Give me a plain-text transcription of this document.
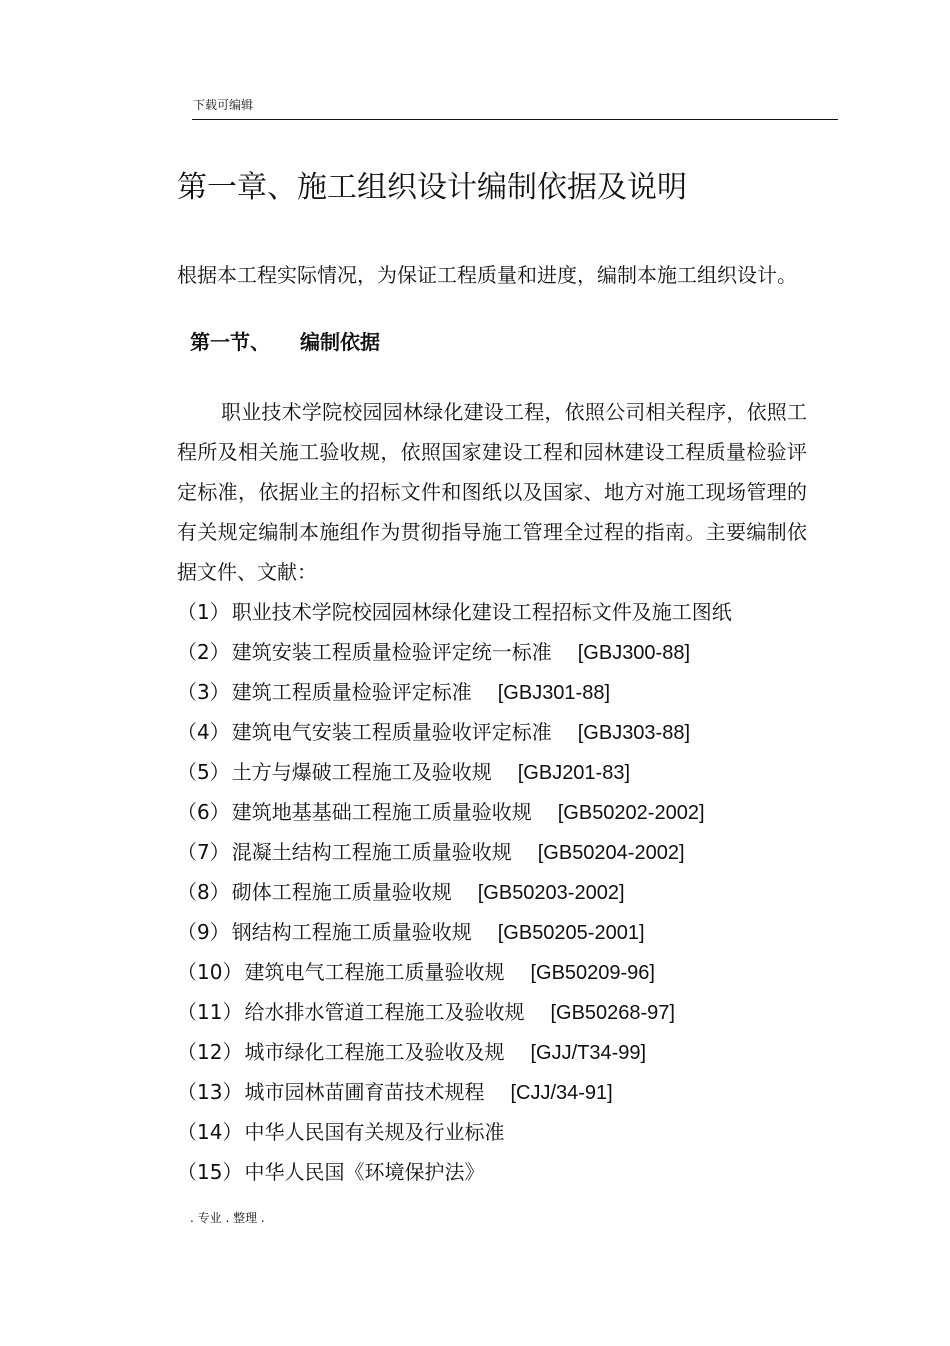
下载可编辑
第一章、施工组织设计编制依据及说明

根据本工程实际情况，为保证工程质量和进度，编制本施工组织设计。

第一节、 编制依据

职业技术学院校园园林绿化建设工程，依照公司相关程序，依照工程所及相关施工验收规，依照国家建设工程和园林建设工程质量检验评定标准，依据业主的招标文件和图纸以及国家、地方对施工现场管理的有关规定编制本施组作为贯彻指导施工管理全过程的指南。主要编制依据文件、文献：

（1） 职业技术学院校园园林绿化建设工程招标文件及施工图纸
（2） 建筑安装工程质量检验评定统一标准 [GBJ300-88]
（3） 建筑工程质量检验评定标准 [GBJ301-88]
（4） 建筑电气安装工程质量验收评定标准 [GBJ303-88]
（5） 土方与爆破工程施工及验收规 [GBJ201-83]
（6） 建筑地基基础工程施工质量验收规 [GB50202-2002]
（7） 混凝土结构工程施工质量验收规 [GB50204-2002]
（8） 砌体工程施工质量验收规 [GB50203-2002]
（9） 钢结构工程施工质量验收规 [GB50205-2001]
（10） 建筑电气工程施工质量验收规 [GB50209-96]
（11） 给水排水管道工程施工及验收规 [GB50268-97]
（12） 城市绿化工程施工及验收及规 [GJJ/T34-99]
（13） 城市园林苗圃育苗技术规程 [CJJ/34-91]
（14） 中华人民国有关规及行业标准
（15） 中华人民国《环境保护法》
. 专业 . 整理 .
